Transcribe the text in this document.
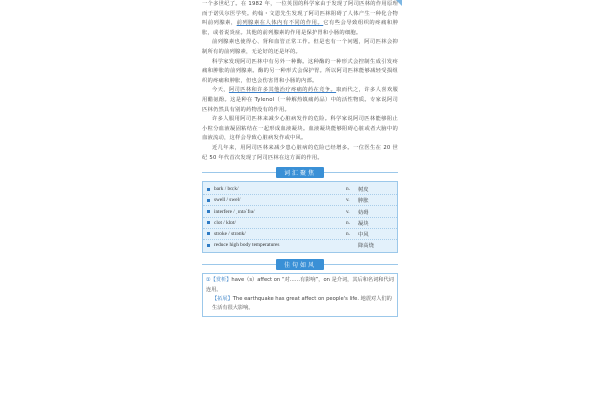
一个多世纪了。在 1982 年，一位英国的科学家由于发现了阿司匹林的作用原理而于诺贝尔医学奖。约翰・文恩先生发现了阿司匹林阻碍了人体产生一种化合物叫前列腺素，前列腺素在人体内有不同的作用。它有些会导致组织的疼痛和肿胀，或者说炎症。其他的前列腺素的作用是保护胃和小肠的细胞。

前列腺素也使得心、肾和血管正常工作。但是也有一个问题，阿司匹林会抑制所有的前列腺素，无论好的还是坏的。

科学家发现阿司匹林中有另外一种酶。这种酶的一种形式会控制生成引发疼痛和肿胀的前列腺素。酶的另一种形式会保护胃。所以阿司匹林能够减轻受损组织的疼痛和肿胀，但也会伤害胃和小肠的内部。

今天，阿司匹林和许多其他治疗疼痛的药在竞争。取而代之，许多人喜欢服用醋氨酚。这是种在 Tylenol（一种解热镇痛药品）中的活性物质。专家说阿司匹林仍然具有别的药物没有的作用。

许多人服用阿司匹林来减少心脏病发作的危险。科学家说阿司匹林能够阻止小粒分血液凝固粘结在一起形成血液凝块。血液凝块能够阻碍心脏或者大脑中的血液流动，这样会导致心脏病发作或中风。

近几年来，用阿司匹林来减少患心脏病的危险已经增多。一位医生在 20 世纪 50 年代首次发现了阿司匹林在这方面的作用。

词汇聚焦
bark / bɑːk/	n.	树皮
swell / swel/	v.	肿胀
interfere / ˌɪntəˈfɪə/	v.	妨碍
clot / klɒt/	n.	凝块
stroke / strəʊk/	n.	中风
reduce high body temperatures	降高烧
佳句如风
①【赏析】have（s）affect on “对……有影响”，on 是介词，其后和名词和代词连用。
【拓展】The earthquake has great affect on people's life. 地震对人们的生活有很大影响。
